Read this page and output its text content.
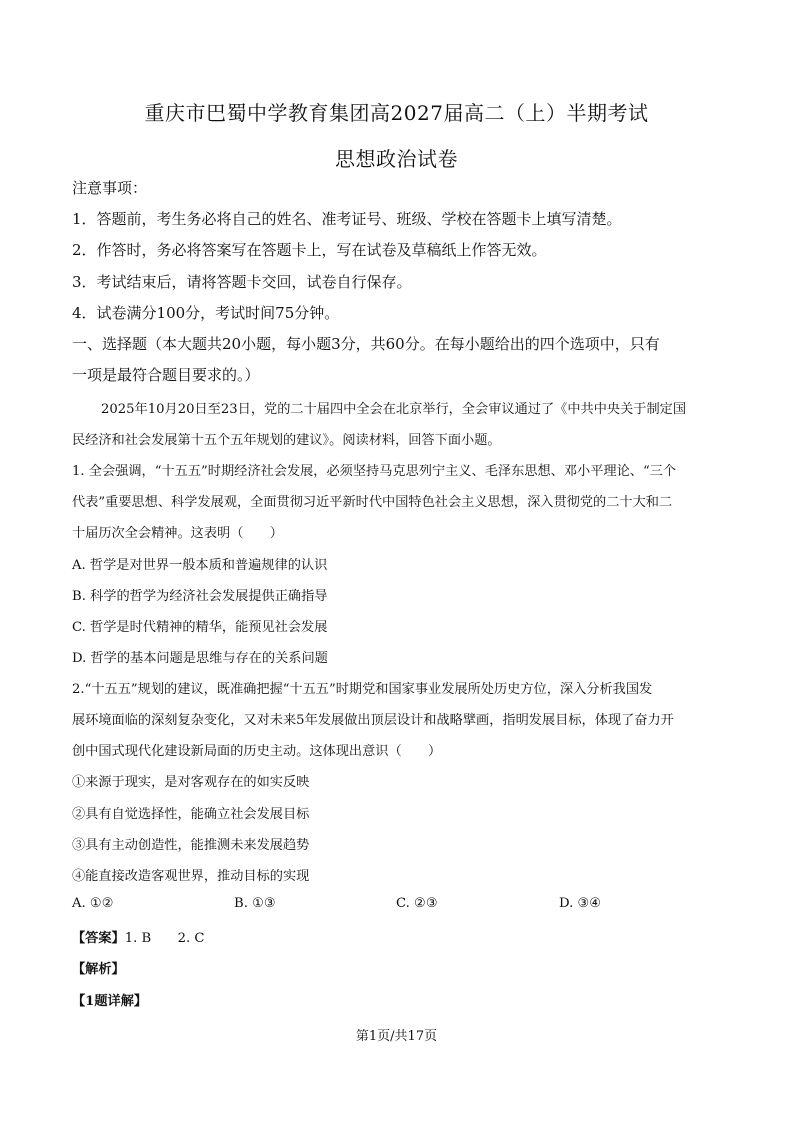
重庆市巴蜀中学教育集团高2027届高二（上）半期考试
思想政治试卷
注意事项：
1．答题前，考生务必将自己的姓名、准考证号、班级、学校在答题卡上填写清楚。
2．作答时，务必将答案写在答题卡上，写在试卷及草稿纸上作答无效。
3．考试结束后，请将答题卡交回，试卷自行保存。
4．试卷满分100分，考试时间75分钟。
一、选择题（本大题共20小题，每小题3分，共60分。在每小题给出的四个选项中，只有
一项是最符合题目要求的。）
2025年10月20日至23日，党的二十届四中全会在北京举行，全会审议通过了《中共中央关于制定国
民经济和社会发展第十五个五年规划的建议》。阅读材料，回答下面小题。
1. 全会强调，“十五五”时期经济社会发展，必须坚持马克思列宁主义、毛泽东思想、邓小平理论、“三个
代表”重要思想、科学发展观，全面贯彻习近平新时代中国特色社会主义思想，深入贯彻党的二十大和二
十届历次全会精神。这表明（　　）
A. 哲学是对世界一般本质和普遍规律的认识
B. 科学的哲学为经济社会发展提供正确指导
C. 哲学是时代精神的精华，能预见社会发展
D. 哲学的基本问题是思维与存在的关系问题
2.“十五五”规划的建议，既准确把握“十五五”时期党和国家事业发展所处历史方位，深入分析我国发
展环境面临的深刻复杂变化，又对未来5年发展做出顶层设计和战略擘画，指明发展目标，体现了奋力开
创中国式现代化建设新局面的历史主动。这体现出意识（　　）
①来源于现实，是对客观存在的如实反映
②具有自觉选择性，能确立社会发展目标
③具有主动创造性，能推测未来发展趋势
④能直接改造客观世界，推动目标的实现
A. ①②	B. ①③	C. ②③	D. ③④
【答案】1. B　　2. C
【解析】
【1题详解】
第1页/共17页
